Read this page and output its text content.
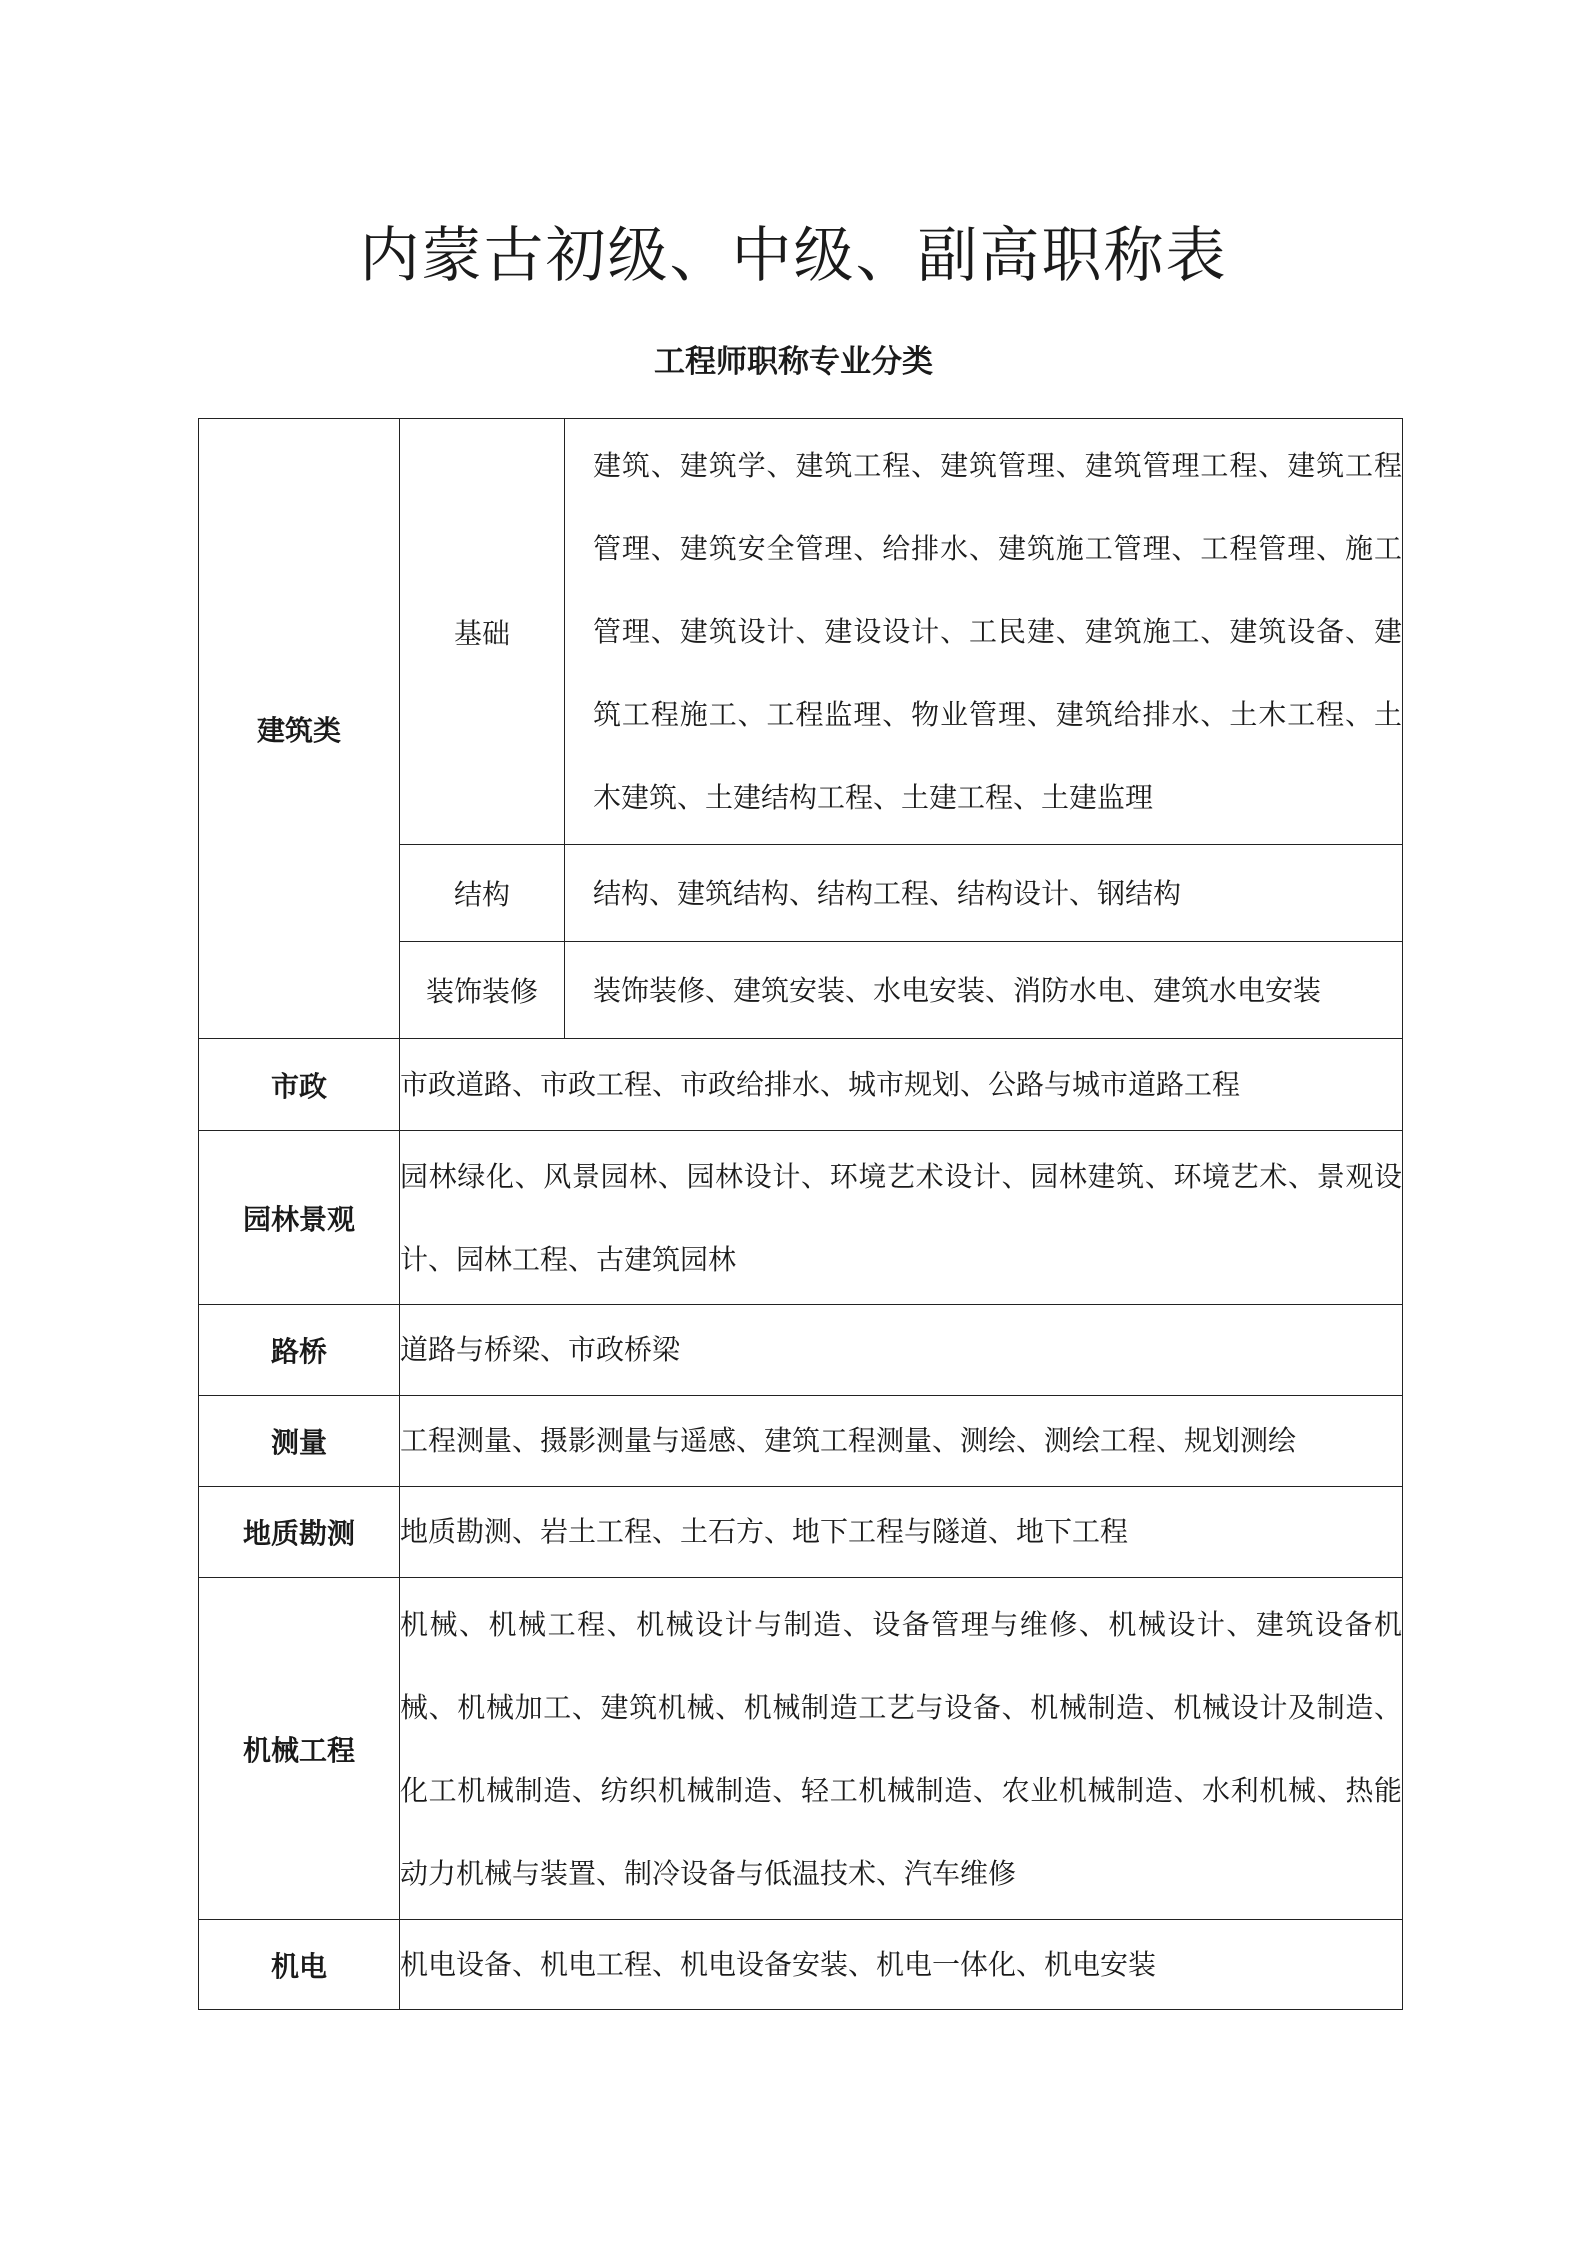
内蒙古初级、中级、副高职称表
工程师职称专业分类
建筑类	基础	建筑、建筑学、建筑工程、建筑管理、建筑管理工程、建筑工程管理、建筑安全管理、给排水、建筑施工管理、工程管理、施工管理、建筑设计、建设设计、工民建、建筑施工、建筑设备、建筑工程施工、工程监理、物业管理、建筑给排水、土木工程、土木建筑、土建结构工程、土建工程、土建监理
	结构	结构、建筑结构、结构工程、结构设计、钢结构
	装饰装修	装饰装修、建筑安装、水电安装、消防水电、建筑水电安装
市政	市政道路、市政工程、市政给排水、城市规划、公路与城市道路工程	
园林景观	园林绿化、风景园林、园林设计、环境艺术设计、园林建筑、环境艺术、景观设计、园林工程、古建筑园林	
路桥	道路与桥梁、市政桥梁	
测量	工程测量、摄影测量与遥感、建筑工程测量、测绘、测绘工程、规划测绘	
地质勘测	地质勘测、岩土工程、土石方、地下工程与隧道、地下工程	
机械工程	机械、机械工程、机械设计与制造、设备管理与维修、机械设计、建筑设备机械、机械加工、建筑机械、机械制造工艺与设备、机械制造、机械设计及制造、化工机械制造、纺织机械制造、轻工机械制造、农业机械制造、水利机械、热能动力机械与装置、制冷设备与低温技术、汽车维修	
机电	机电设备、机电工程、机电设备安装、机电一体化、机电安装	
